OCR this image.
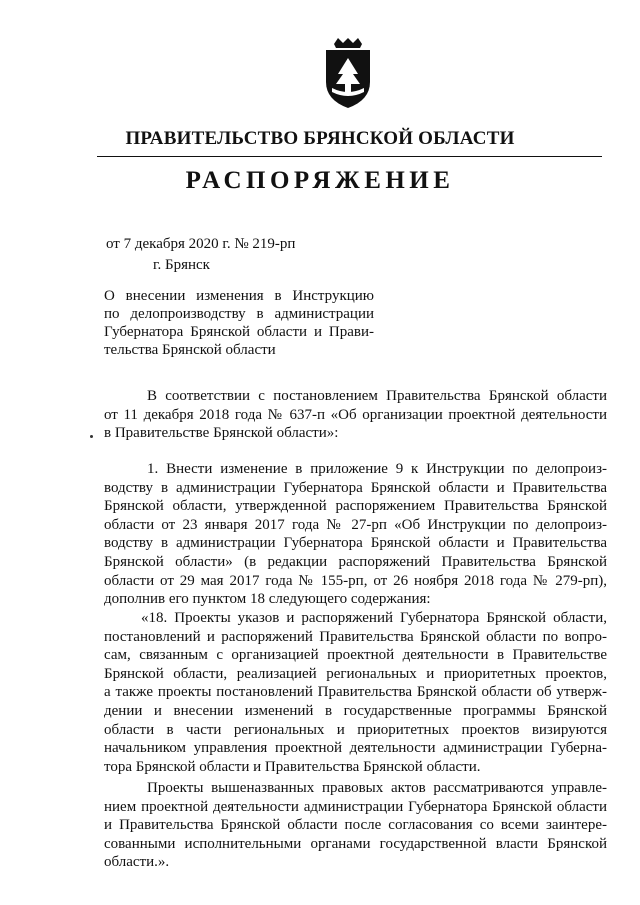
ПРАВИТЕЛЬСТВО БРЯНСКОЙ ОБЛАСТИ
РАСПОРЯЖЕНИЕ
от 7 декабря 2020 г. № 219-рп
г. Брянск
О внесении изменения в Инструкцию
по делопроизводству в администрации
Губернатора Брянской области и Прави-
тельства Брянской области
В соответствии с постановлением Правительства Брянской области
от 11 декабря 2018 года № 637-п «Об организации проектной деятельности
в Правительстве Брянской области»:
1. Внести изменение в приложение 9 к Инструкции по делопроиз-
водству в администрации Губернатора Брянской области и Правительства
Брянской области, утвержденной распоряжением Правительства Брянской
области от 23 января 2017 года № 27-рп «Об Инструкции по делопроиз-
водству в администрации Губернатора Брянской области и Правительства
Брянской области» (в редакции распоряжений Правительства Брянской
области от 29 мая 2017 года № 155-рп, от 26 ноября 2018 года № 279-рп),
дополнив его пунктом 18 следующего содержания:
«18. Проекты указов и распоряжений Губернатора Брянской области,
постановлений и распоряжений Правительства Брянской области по вопро-
сам, связанным с организацией проектной деятельности в Правительстве
Брянской области, реализацией региональных и приоритетных проектов,
а также проекты постановлений Правительства Брянской области об утверж-
дении и внесении изменений в государственные программы Брянской
области в части региональных и приоритетных проектов визируются
начальником управления проектной деятельности администрации Губерна-
тора Брянской области и Правительства Брянской области.
Проекты вышеназванных правовых актов рассматриваются управле-
нием проектной деятельности администрации Губернатора Брянской области
и Правительства Брянской области после согласования со всеми заинтере-
сованными исполнительными органами государственной власти Брянской
области.».
